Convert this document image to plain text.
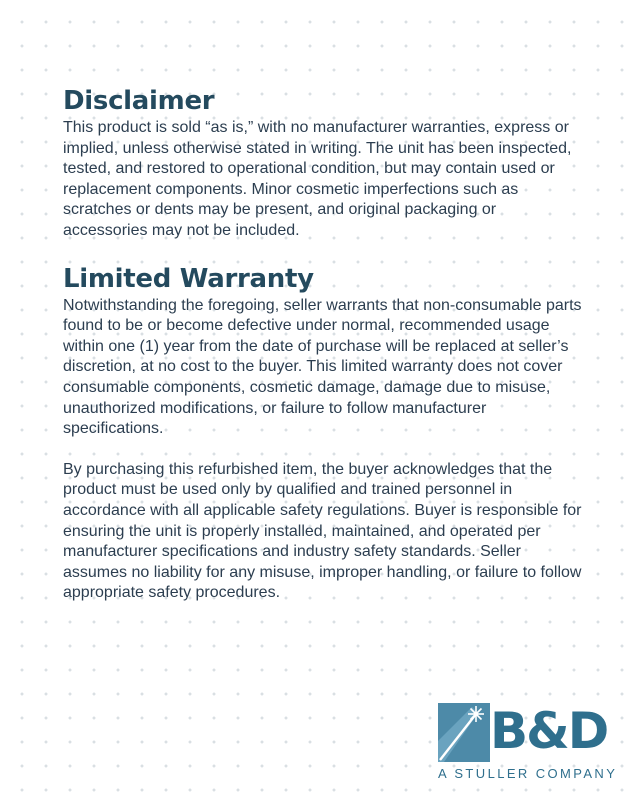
Disclaimer

This product is sold “as is,” with no manufacturer warranties, express or implied, unless otherwise stated in writing. The unit has been inspected, tested, and restored to operational condition, but may contain used or replacement components. Minor cosmetic imperfections such as scratches or dents may be present, and original packaging or accessories may not be included.

Limited Warranty

Notwithstanding the foregoing, seller warrants that non-consumable parts found to be or become defective under normal, recommended usage within one (1) year from the date of purchase will be replaced at seller’s discretion, at no cost to the buyer. This limited warranty does not cover consumable components, cosmetic damage, damage due to misuse, unauthorized modifications, or failure to follow manufacturer specifications.

By purchasing this refurbished item, the buyer acknowledges that the product must be used only by qualified and trained personnel in accordance with all applicable safety regulations. Buyer is responsible for ensuring the unit is properly installed, maintained, and operated per manufacturer specifications and industry safety standards. Seller assumes no liability for any misuse, improper handling, or failure to follow appropriate safety procedures.

B&D
A STULLER COMPANY
